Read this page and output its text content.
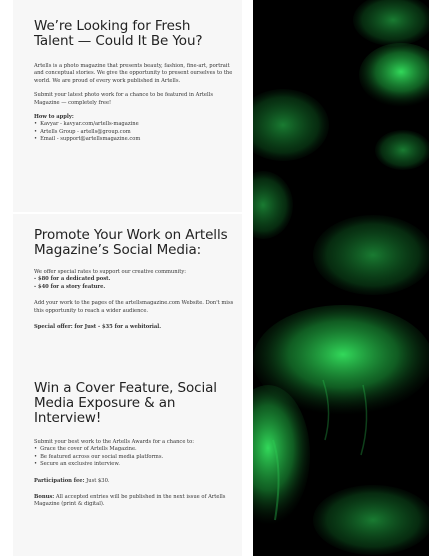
We’re Looking for Fresh
Talent — Could It Be You?

Artells is a photo magazine that presents beauty, fashion, fine-art, portrait and conceptual stories. We give the opportunity to present ourselves to the world. We are proud of every work published in Artells.

Submit your latest photo work for a chance to be featured in Artells Magazine — completely free!

How to apply:

• Kavyar - kavyar.com/artells-magazine
• Artells Group - artells@group.com
• Email - support@artellsmagazine.com
Promote Your Work on Artells
Magazine’s Social Media:

We offer special rates to support our creative community:
- $80 for a dedicated post.
- $40 for a story feature.

Add your work to the pages of the artellsmagazine.com Website. Don't miss this opportunity to reach a wider audience.

Special offer: for Just - $35 for a webitorial.

Win a Cover Feature, Social
Media Exposure & an Interview!

Submit your best work to the Artells Awards for a chance to:

• Grace the cover of Artells Magazine.
• Be featured across our social media platforms.
• Secure an exclusive interview.

Participation fee: Just $30.

Bonus: All accepted entries will be published in the next issue of Artells Magazine (print & digital).
